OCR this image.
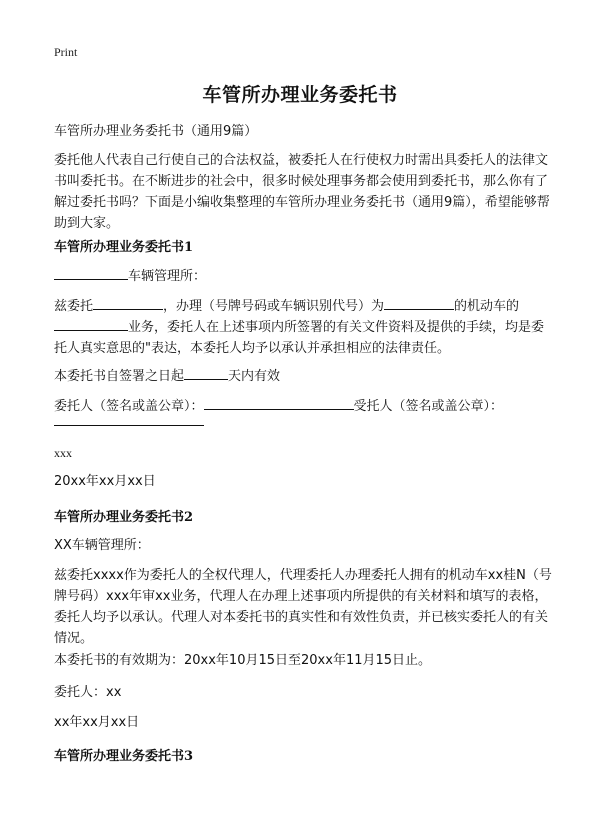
Print
车管所办理业务委托书
车管所办理业务委托书（通用9篇）
委托他人代表自己行使自己的合法权益，被委托人在行使权力时需出具委托人的法律文书叫委托书。在不断进步的社会中，很多时候处理事务都会使用到委托书，那么你有了解过委托书吗？下面是小编收集整理的车管所办理业务委托书（通用9篇），希望能够帮助到大家。
车管所办理业务委托书1
车辆管理所：
兹委托	，办理（号牌号码或车辆识别代号）为	的机动车的
业务，委托人在上述事项内所签署的有关文件资料及提供的手续，均是委托人真实意思的"表达，本委托人均予以承认并承担相应的法律责任。
本委托书自签署之日起	天内有效
委托人（签名或盖公章）：	受托人（签名或盖公章）：
xxx
20xx年xx月xx日
车管所办理业务委托书2
XX车辆管理所：
兹委托xxxx作为委托人的全权代理人，代理委托人办理委托人拥有的机动车xx桂N（号牌号码）xxx年审xx业务，代理人在办理上述事项内所提供的有关材料和填写的表格，委托人均予以承认。代理人对本委托书的真实性和有效性负责，并已核实委托人的有关情况。
本委托书的有效期为：20xx年10月15日至20xx年11月15日止。
委托人：xx
xx年xx月xx日
车管所办理业务委托书3
